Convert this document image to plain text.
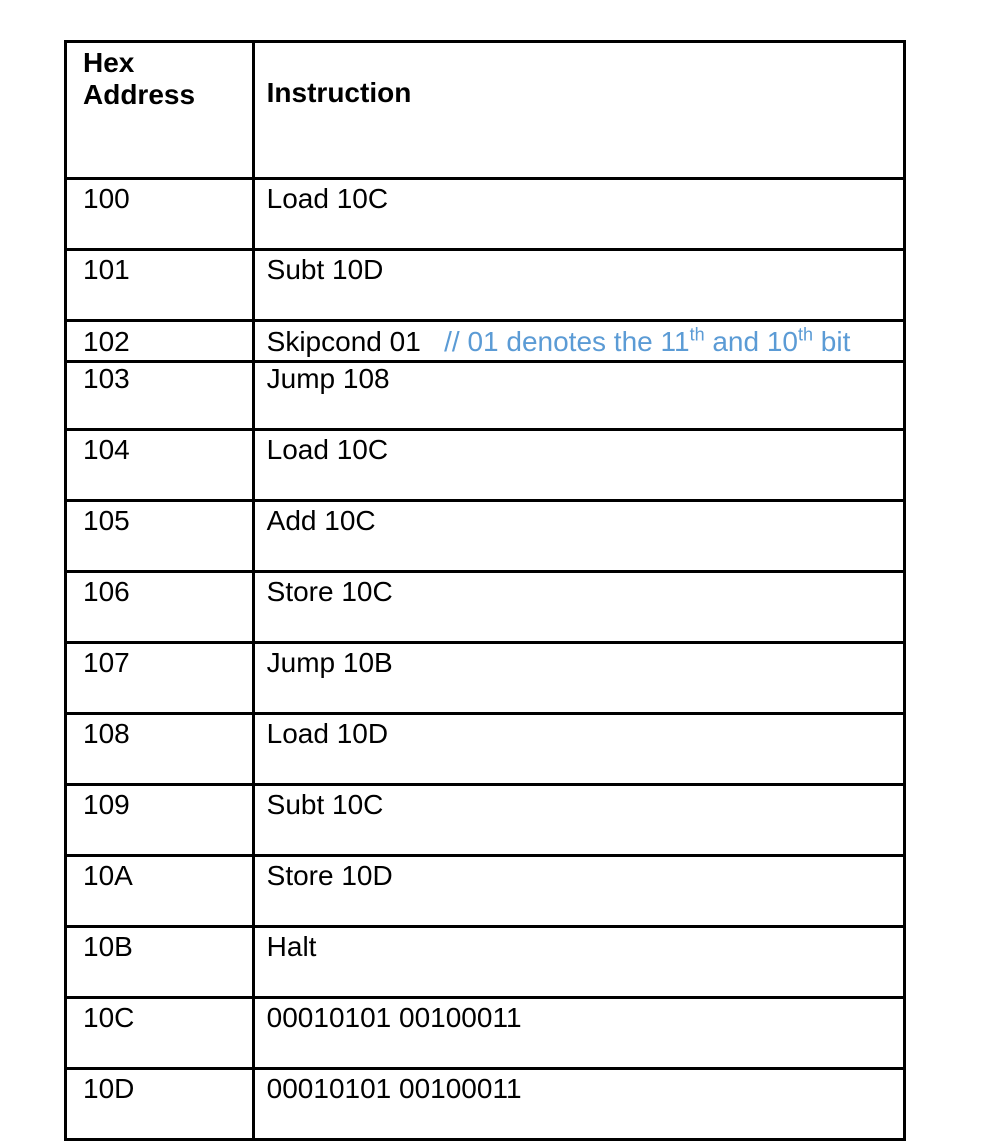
Hex
Address	Instruction
100	Load 10C
101	Subt 10D
102	Skipcond 01 // 01 denotes the 11th and 10th bit
103	Jump 108
104	Load 10C
105	Add 10C
106	Store 10C
107	Jump 10B
108	Load 10D
109	Subt 10C
10A	Store 10D
10B	Halt
10C	00010101 00100011
10D	00010101 00100011
